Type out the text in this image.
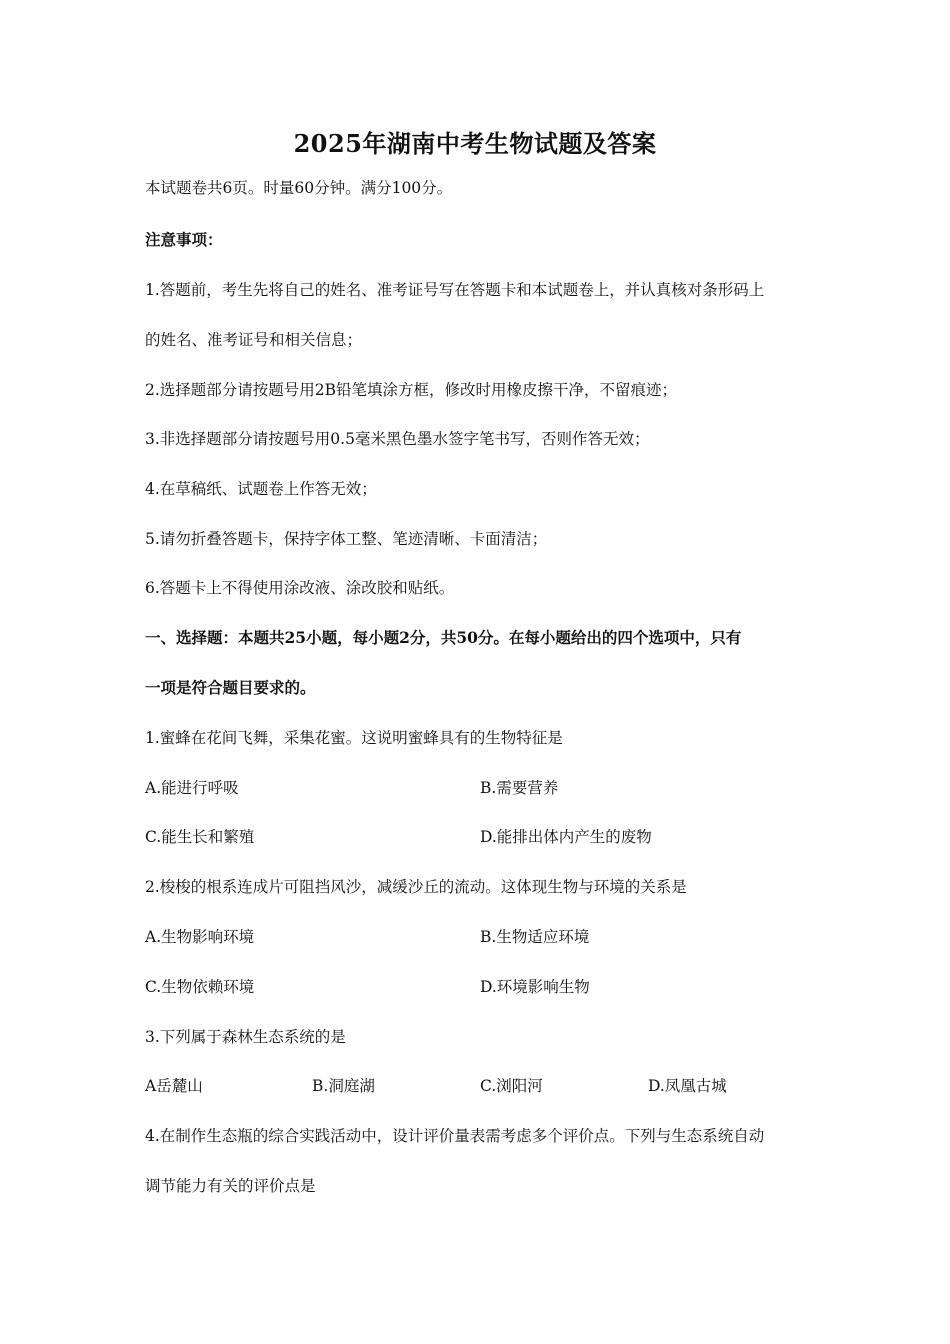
2025年湖南中考生物试题及答案
本试题卷共6页。时量60分钟。满分100分。
注意事项：
1.答题前，考生先将自己的姓名、准考证号写在答题卡和本试题卷上，并认真核对条形码上
的姓名、准考证号和相关信息；
2.选择题部分请按题号用2B铅笔填涂方框，修改时用橡皮擦干净，不留痕迹；
3.非选择题部分请按题号用0.5毫米黑色墨水签字笔书写，否则作答无效；
4.在草稿纸、试题卷上作答无效；
5.请勿折叠答题卡，保持字体工整、笔迹清晰、卡面清洁；
6.答题卡上不得使用涂改液、涂改胶和贴纸。
一、选择题：本题共25小题，每小题2分，共50分。在每小题给出的四个选项中，只有
一项是符合题目要求的。
1.蜜蜂在花间飞舞，采集花蜜。这说明蜜蜂具有的生物特征是
A.能进行呼吸	B.需要营养
C.能生长和繁殖	D.能排出体内产生的废物
2.梭梭的根系连成片可阻挡风沙，减缓沙丘的流动。这体现生物与环境的关系是
A.生物影响环境	B.生物适应环境
C.生物依赖环境	D.环境影响生物
3.下列属于森林生态系统的是
A岳麓山	B.洞庭湖	C.浏阳河	D.凤凰古城
4.在制作生态瓶的综合实践活动中，设计评价量表需考虑多个评价点。下列与生态系统自动
调节能力有关的评价点是
